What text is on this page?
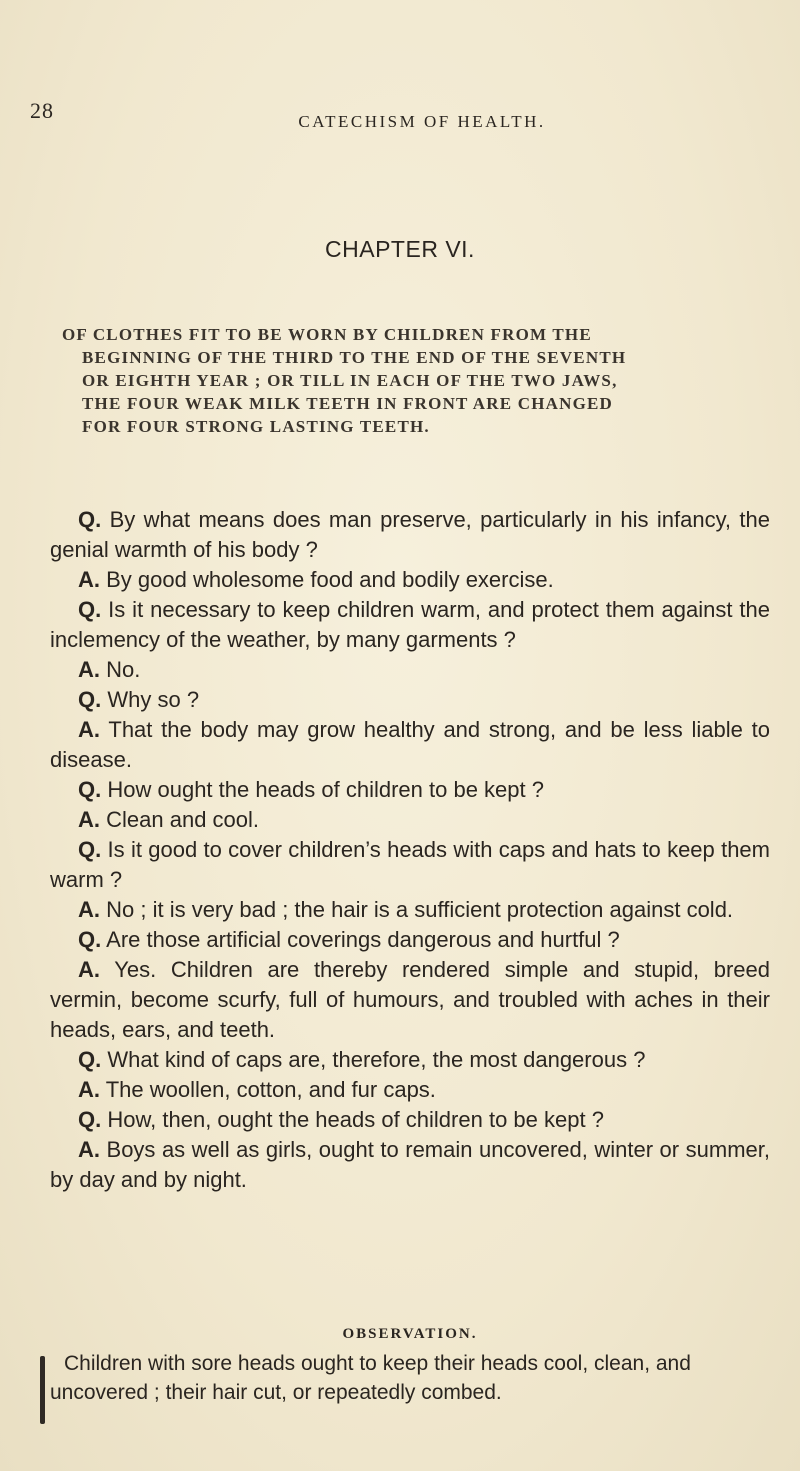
28	CATECHISM OF HEALTH.
CHAPTER VI.
OF CLOTHES FIT TO BE WORN BY CHILDREN FROM THE
BEGINNING OF THE THIRD TO THE END OF THE SEVENTH
OR EIGHTH YEAR ; OR TILL IN EACH OF THE TWO JAWS,
THE FOUR WEAK MILK TEETH IN FRONT ARE CHANGED
FOR FOUR STRONG LASTING TEETH.

Q. By what means does man preserve, particularly in his infancy, the genial warmth of his body ?

A. By good wholesome food and bodily exercise.

Q. Is it necessary to keep children warm, and protect them against the inclemency of the weather, by many garments ?

A. No.

Q. Why so ?

A. That the body may grow healthy and strong, and be less liable to disease.

Q. How ought the heads of children to be kept ?

A. Clean and cool.

Q. Is it good to cover children’s heads with caps and hats to keep them warm ?

A. No ; it is very bad ; the hair is a sufficient protection against cold.

Q. Are those artificial coverings dangerous and hurtful ?

A. Yes. Children are thereby rendered simple and stupid, breed vermin, become scurfy, full of humours, and troubled with aches in their heads, ears, and teeth.

Q. What kind of caps are, therefore, the most dangerous ?

A. The woollen, cotton, and fur caps.

Q. How, then, ought the heads of children to be kept ?

A. Boys as well as girls, ought to remain uncovered, winter or summer, by day and by night.

OBSERVATION.
Children with sore heads ought to keep their heads cool, clean, and uncovered ; their hair cut, or repeatedly combed.
